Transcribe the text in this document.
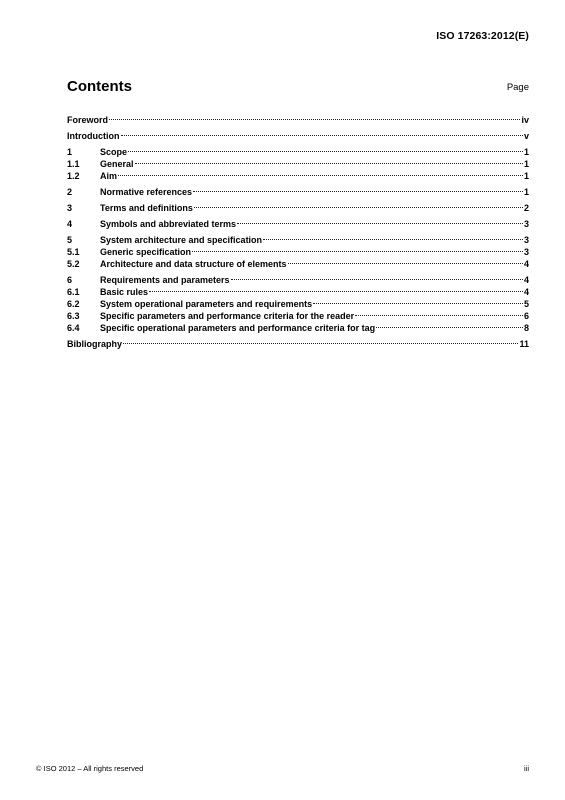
ISO 17263:2012(E)
Contents	Page
Foreword	iv
Introduction	v
1	Scope	1
1.1	General	1
1.2	Aim	1
2	Normative references	1
3	Terms and definitions	2
4	Symbols and abbreviated terms	3
5	System architecture and specification	3
5.1	Generic specification	3
5.2	Architecture and data structure of elements	4
6	Requirements and parameters	4
6.1	Basic rules	4
6.2	System operational parameters and requirements	5
6.3	Specific parameters and performance criteria for the reader	6
6.4	Specific operational parameters and performance criteria for tag	8
Bibliography	11
© ISO 2012 – All rights reserved	iii
